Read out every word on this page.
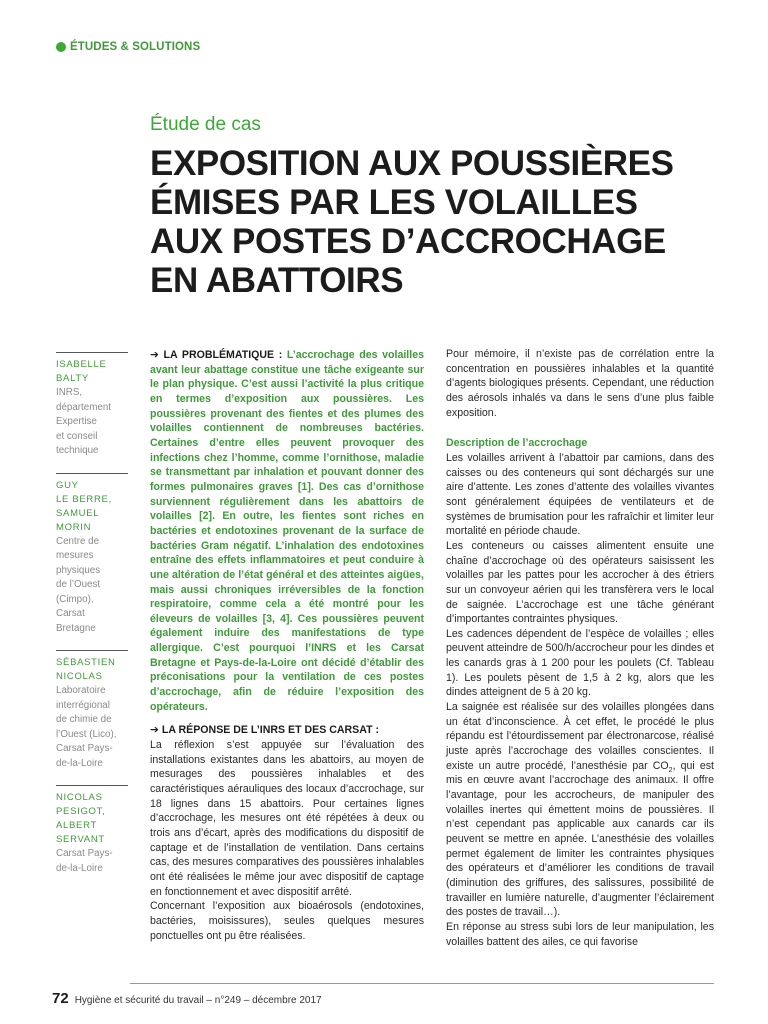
ÉTUDES & SOLUTIONS
Étude de cas
EXPOSITION AUX POUSSIÈRES
ÉMISES PAR LES VOLAILLES
AUX POSTES D’ACCROCHAGE
EN ABATTOIRS
ISABELLE
BALTY
INRS,
département
Expertise
et conseil
technique
GUY
LE BERRE,
SAMUEL
MORIN
Centre de
mesures
physiques
de l’Ouest
(Cimpo),
Carsat
Bretagne
SÉBASTIEN
NICOLAS
Laboratoire
interrégional
de chimie de
l’Ouest (Lico),
Carsat Pays-
de-la-Loire
NICOLAS
PESIGOT,
ALBERT
SERVANT
Carsat Pays-
de-la-Loire

➔ LA PROBLÉMATIQUE : L’accrochage des volailles avant leur abattage constitue une tâche exigeante sur le plan physique. C’est aussi l’activité la plus critique en termes d’exposition aux poussières. Les poussières provenant des fientes et des plumes des volailles contiennent de nombreuses bactéries. Certaines d’entre elles peuvent provoquer des infections chez l’homme, comme l’ornithose, maladie se transmettant par inhalation et pouvant donner des formes pulmonaires graves [1]. Des cas d’ornithose surviennent régulièrement dans les abattoirs de volailles [2]. En outre, les fientes sont riches en bactéries et endotoxines provenant de la surface de bactéries Gram négatif. L’inhalation des endotoxines entraîne des effets inflammatoires et peut conduire à une altération de l’état général et des atteintes aigües, mais aussi chroniques irréversibles de la fonction respiratoire, comme cela a été montré pour les éleveurs de volailles [3, 4]. Ces poussières peuvent également induire des manifestations de type allergique. C’est pourquoi l’INRS et les Carsat Bretagne et Pays-de-la-Loire ont décidé d’établir des préconisations pour la ventilation de ces postes d’accrochage, afin de réduire l’exposition des opérateurs.

➔ LA RÉPONSE DE L’INRS ET DES CARSAT :

La réflexion s’est appuyée sur l’évaluation des installations existantes dans les abattoirs, au moyen de mesurages des poussières inhalables et des caractéristiques aérauliques des locaux d’accrochage, sur 18 lignes dans 15 abattoirs. Pour certaines lignes d’accrochage, les mesures ont été répétées à deux ou trois ans d’écart, après des modifications du dispositif de captage et de l’installation de ventilation. Dans certains cas, des mesures comparatives des poussières inhalables ont été réalisées le même jour avec dispositif de captage en fonctionnement et avec dispositif arrêté.

Concernant l’exposition aux bioaérosols (endotoxines, bactéries, moisissures), seules quelques mesures ponctuelles ont pu être réalisées.

Pour mémoire, il n’existe pas de corrélation entre la concentration en poussières inhalables et la quantité d’agents biologiques présents. Cependant, une réduction des aérosols inhalés va dans le sens d’une plus faible exposition.

Description de l’accrochage

Les volailles arrivent à l’abattoir par camions, dans des caisses ou des conteneurs qui sont déchargés sur une aire d’attente. Les zones d’attente des volailles vivantes sont généralement équipées de ventilateurs et de systèmes de brumisation pour les rafraîchir et limiter leur mortalité en période chaude.

Les conteneurs ou caisses alimentent ensuite une chaîne d’accrochage où des opérateurs saisissent les volailles par les pattes pour les accrocher à des étriers sur un convoyeur aérien qui les transfèrera vers le local de saignée. L’accrochage est une tâche générant d’importantes contraintes physiques.

Les cadences dépendent de l’espèce de volailles ; elles peuvent atteindre de 500/h/accrocheur pour les dindes et les canards gras à 1 200 pour les poulets (Cf. Tableau 1). Les poulets pèsent de 1,5 à 2 kg, alors que les dindes atteignent de 5 à 20 kg.

La saignée est réalisée sur des volailles plongées dans un état d’inconscience. À cet effet, le procédé le plus répandu est l’étourdissement par électronarcose, réalisé juste après l’accrochage des volailles conscientes. Il existe un autre procédé, l’anesthésie par $CO_2$, qui est mis en œuvre avant l’accrochage des animaux. Il offre l’avantage, pour les accrocheurs, de manipuler des volailles inertes qui émettent moins de poussières. Il n’est cependant pas applicable aux canards car ils peuvent se mettre en apnée. L’anesthésie des volailles permet également de limiter les contraintes physiques des opérateurs et d’améliorer les conditions de travail (diminution des griffures, des salissures, possibilité de travailler en lumière naturelle, d’augmenter l’éclairement des postes de travail…).

En réponse au stress subi lors de leur manipulation, les volailles battent des ailes, ce qui favorise

72 Hygiène et sécurité du travail – n°249 – décembre 2017
